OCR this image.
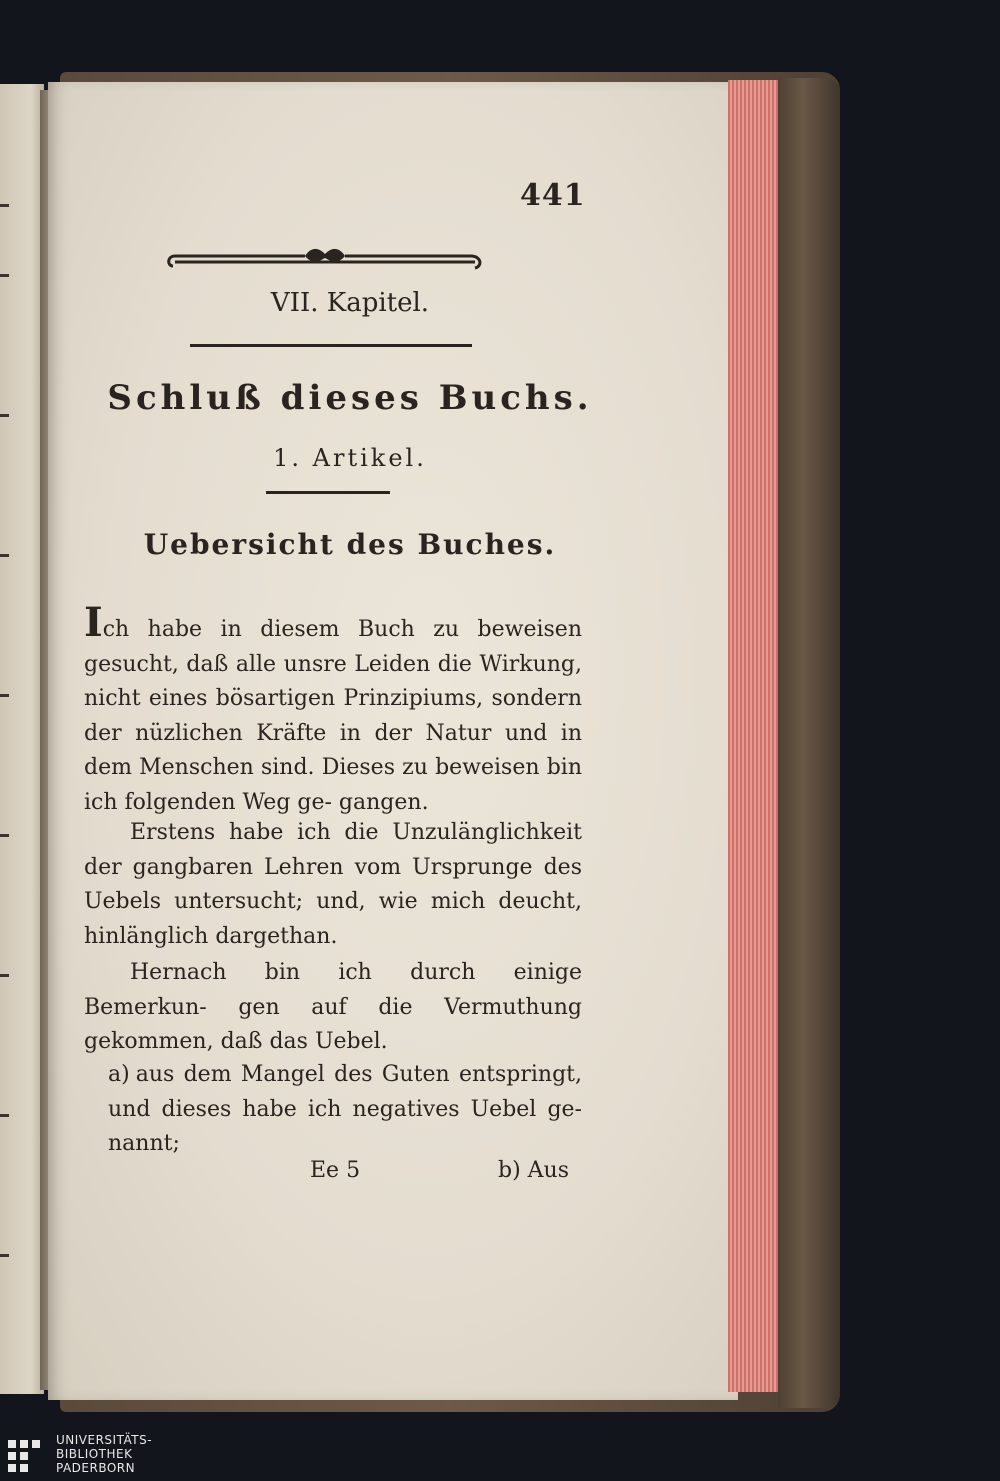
441
VII. Kapitel.
Schluß dieses Buchs.
1. Artikel.
Uebersicht des Buches.
Ich habe in diesem Buch zu beweisen gesucht, daß alle unsre Leiden die Wirkung, nicht eines bösartigen Prinzipiums, sondern der nüzlichen Kräfte in der Natur und in dem Menschen sind. Dieses zu beweisen bin ich folgenden Weg ge- gangen.
Erstens habe ich die Unzulänglichkeit der gangbaren Lehren vom Ursprunge des Uebels untersucht; und, wie mich deucht, hinlänglich dargethan.
Hernach bin ich durch einige Bemerkun- gen auf die Vermuthung gekommen, daß das Uebel.
a) aus dem Mangel des Guten entspringt, und dieses habe ich negatives Uebel ge- nannt;
Ee 5	b) Aus
UNIVERSITÄTS-
BIBLIOTHEK
PADERBORN
